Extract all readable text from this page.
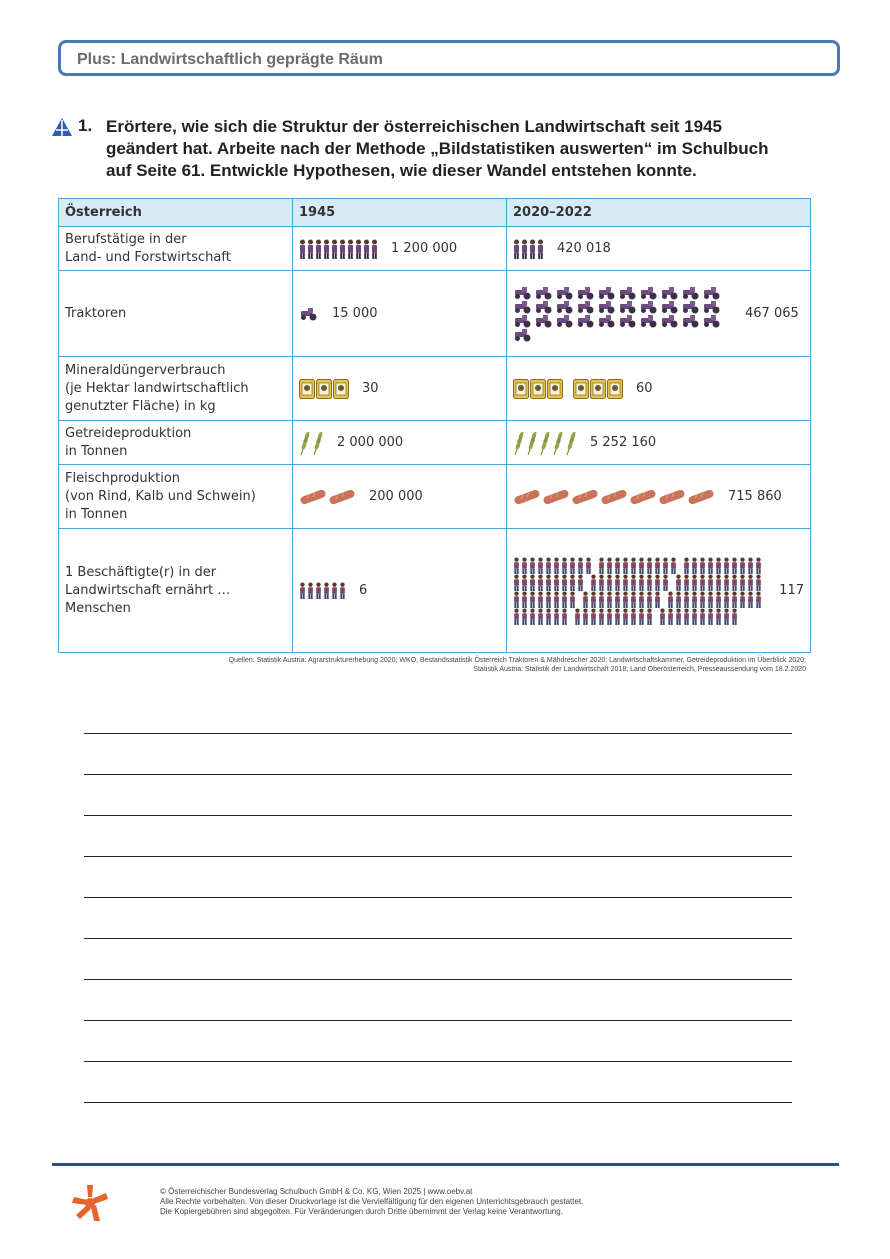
Plus: Landwirtschaftlich geprägte Räum
1. Erörtere, wie sich die Struktur der österreichischen Landwirtschaft seit 1945
geändert hat. Arbeite nach der Methode „Bildstatistiken auswerten“ im Schulbuch
auf Seite 61. Entwickle Hypothesen, wie dieser Wandel entstehen konnte.
Österreich	1945	2020–2022

Berufstätige in der
Land- und Forstwirtschaft	1 200 000	420 018

Traktoren	15 000	467 065

Mineraldüngerverbrauch
(je Hektar landwirtschaftlich
genutzter Fläche) in kg	30	60

Getreideproduktion
in Tonnen	2 000 000	5 252 160

Fleischproduktion
(von Rind, Kalb und Schwein)
in Tonnen	200 000	715 860

1 Beschäftigte(r) in der
Landwirtschaft ernährt …
Menschen	6	117
Quellen: Statistik Austria: Agrarstrukturerhebung 2020; WKO, Bestandsstatistik Österreich Traktoren & Mähdrescher 2020; Landwirtschaftskammer, Getreideproduktion im Überblick 2020;
Statistik Austria: Statistik der Landwirtschaft 2018; Land Oberösterreich, Presseaussendung vom 18.2.2020
© Österreichischer Bundesverlag Schulbuch GmbH & Co. KG, Wien 2025 | www.oebv.at
Alle Rechte vorbehalten. Von dieser Druckvorlage ist die Vervielfältigung für den eigenen Unterrichtsgebrauch gestattet.
Die Kopiergebühren sind abgegolten. Für Veränderungen durch Dritte übernimmt der Verlag keine Verantwortung.
